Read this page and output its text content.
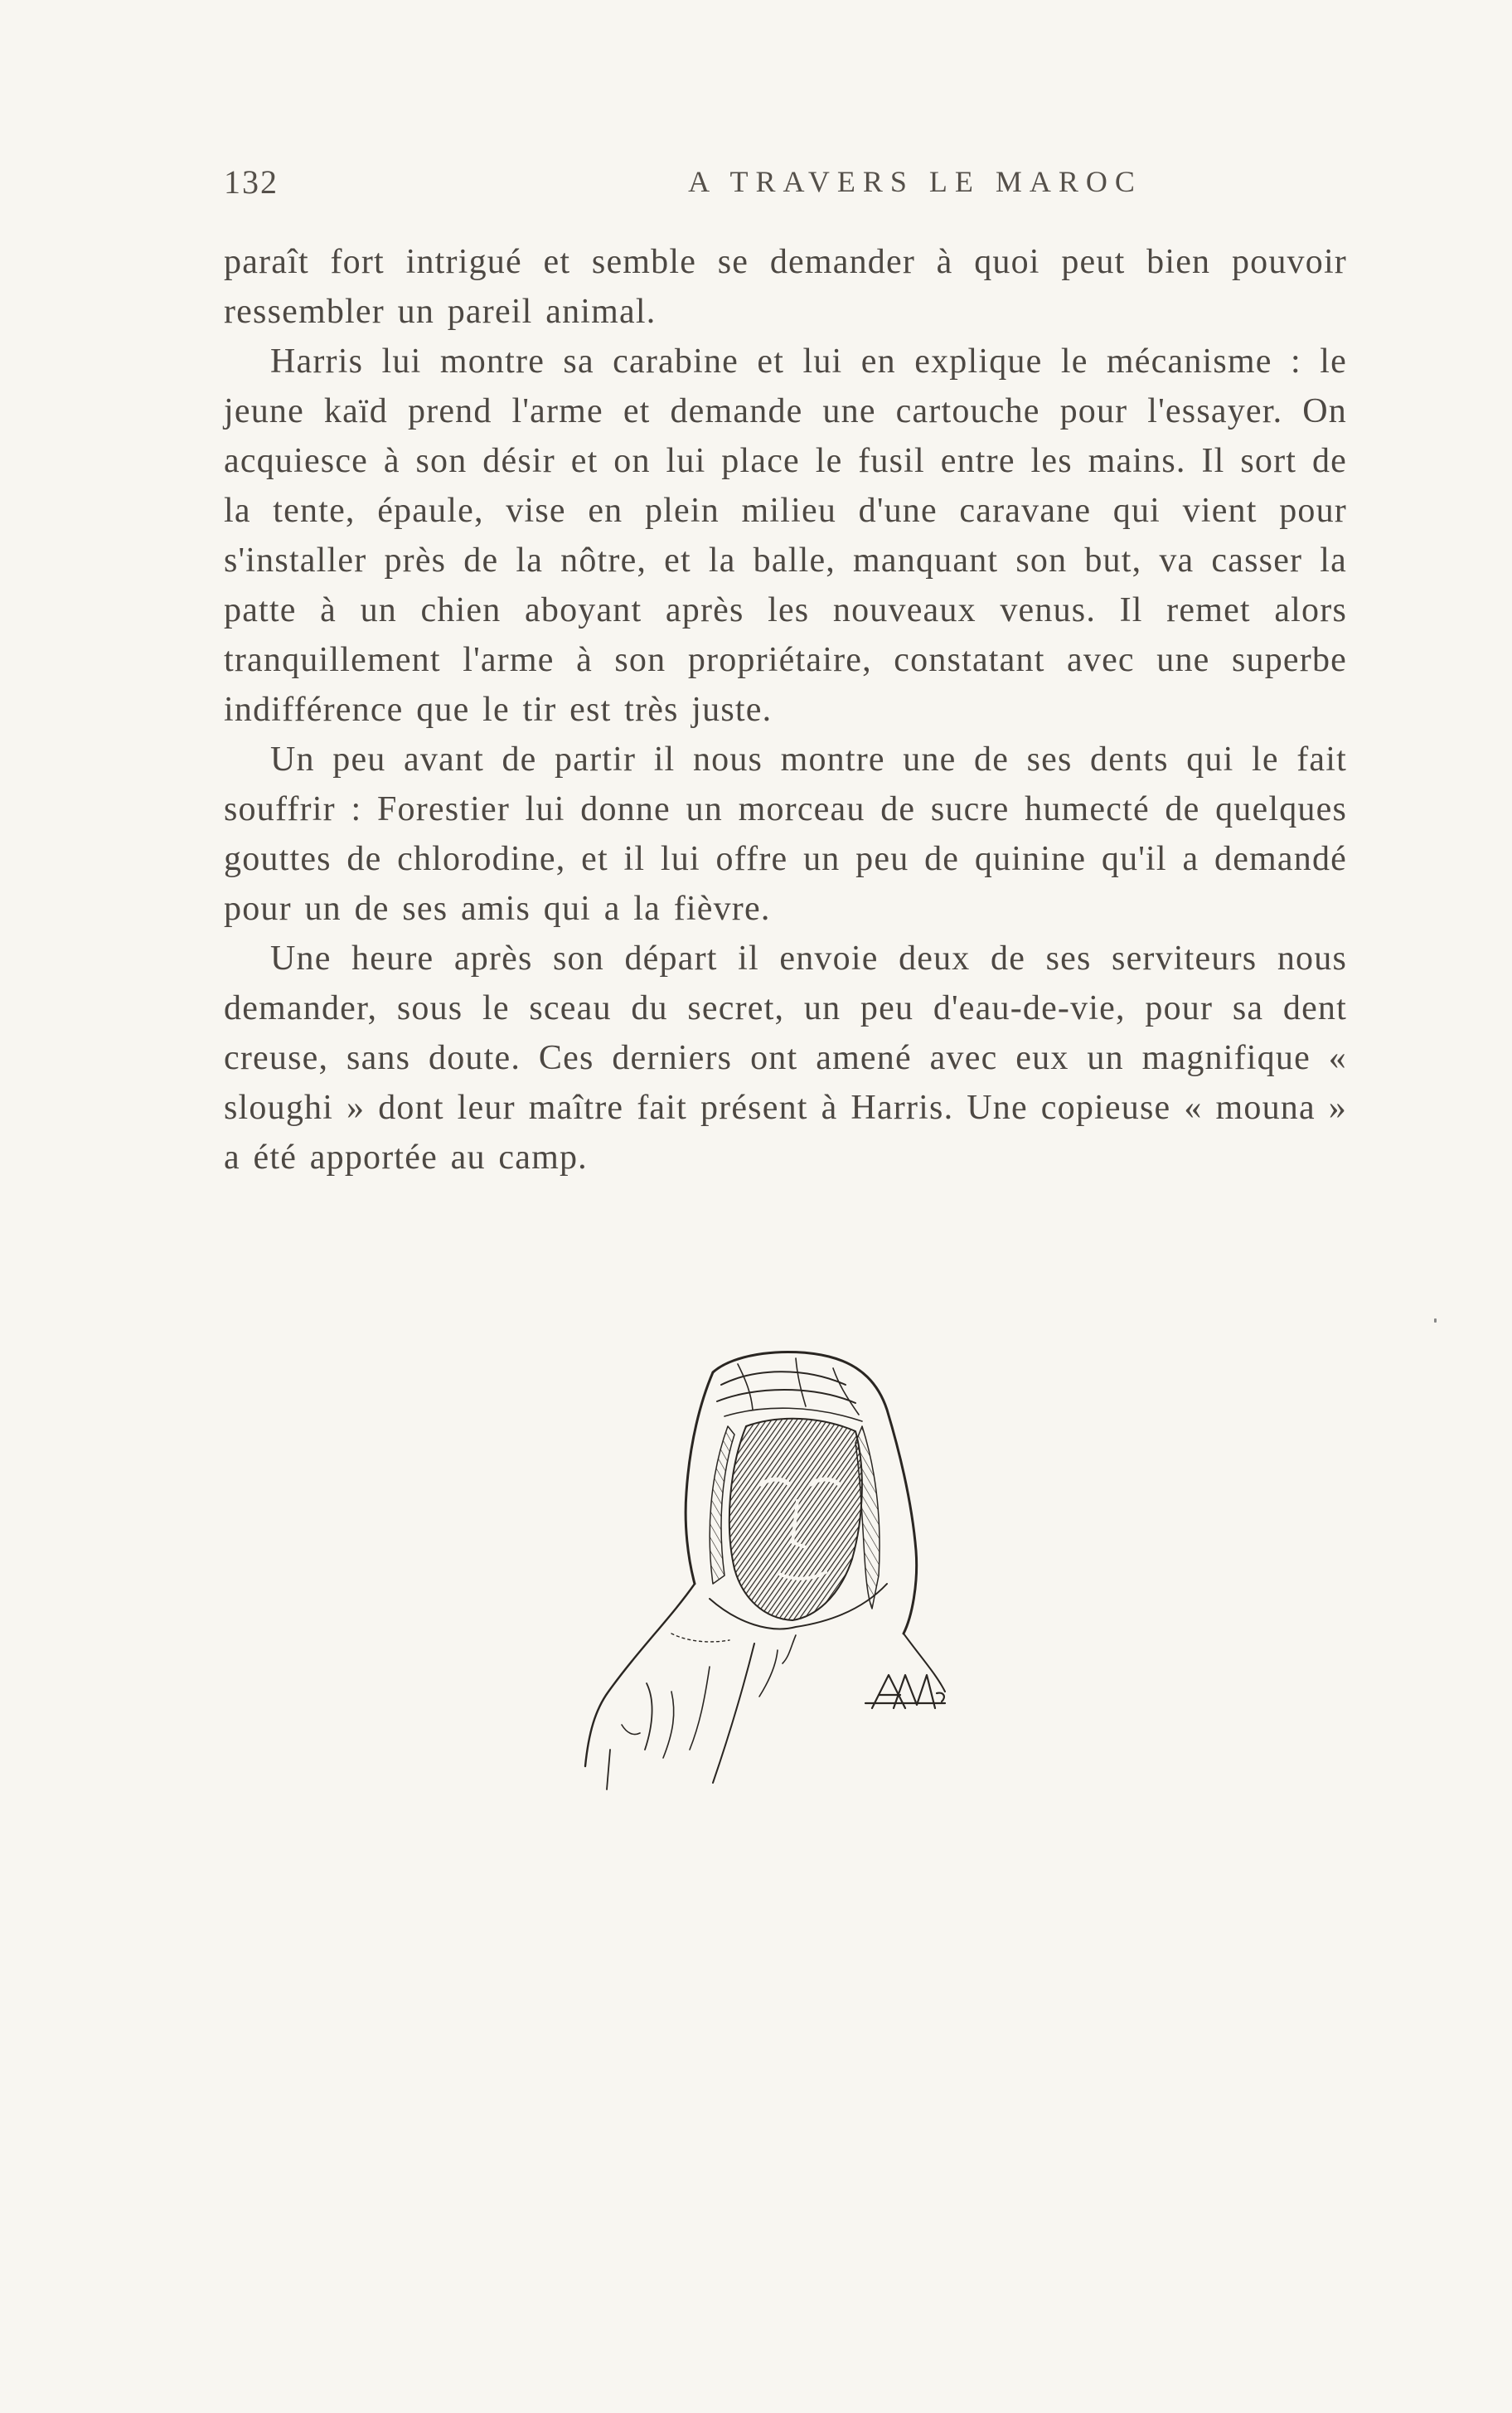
132	A TRAVERS LE MAROC

paraît fort intrigué et semble se demander à quoi peut bien pouvoir ressembler un pareil animal.

Harris lui montre sa carabine et lui en explique le mécanisme : le jeune kaïd prend l'arme et demande une cartouche pour l'essayer. On acquiesce à son désir et on lui place le fusil entre les mains. Il sort de la tente, épaule, vise en plein milieu d'une caravane qui vient pour s'installer près de la nôtre, et la balle, manquant son but, va casser la patte à un chien aboyant après les nouveaux venus. Il remet alors tranquillement l'arme à son propriétaire, constatant avec une superbe indifférence que le tir est très juste.

Un peu avant de partir il nous montre une de ses dents qui le fait souffrir : Forestier lui donne un morceau de sucre humecté de quelques gouttes de chlorodine, et il lui offre un peu de quinine qu'il a demandé pour un de ses amis qui a la fièvre.

Une heure après son départ il envoie deux de ses serviteurs nous demander, sous le sceau du secret, un peu d'eau-de-vie, pour sa dent creuse, sans doute. Ces derniers ont amené avec eux un magnifique « sloughi » dont leur maître fait présent à Harris. Une copieuse « mouna » a été apportée au camp.
